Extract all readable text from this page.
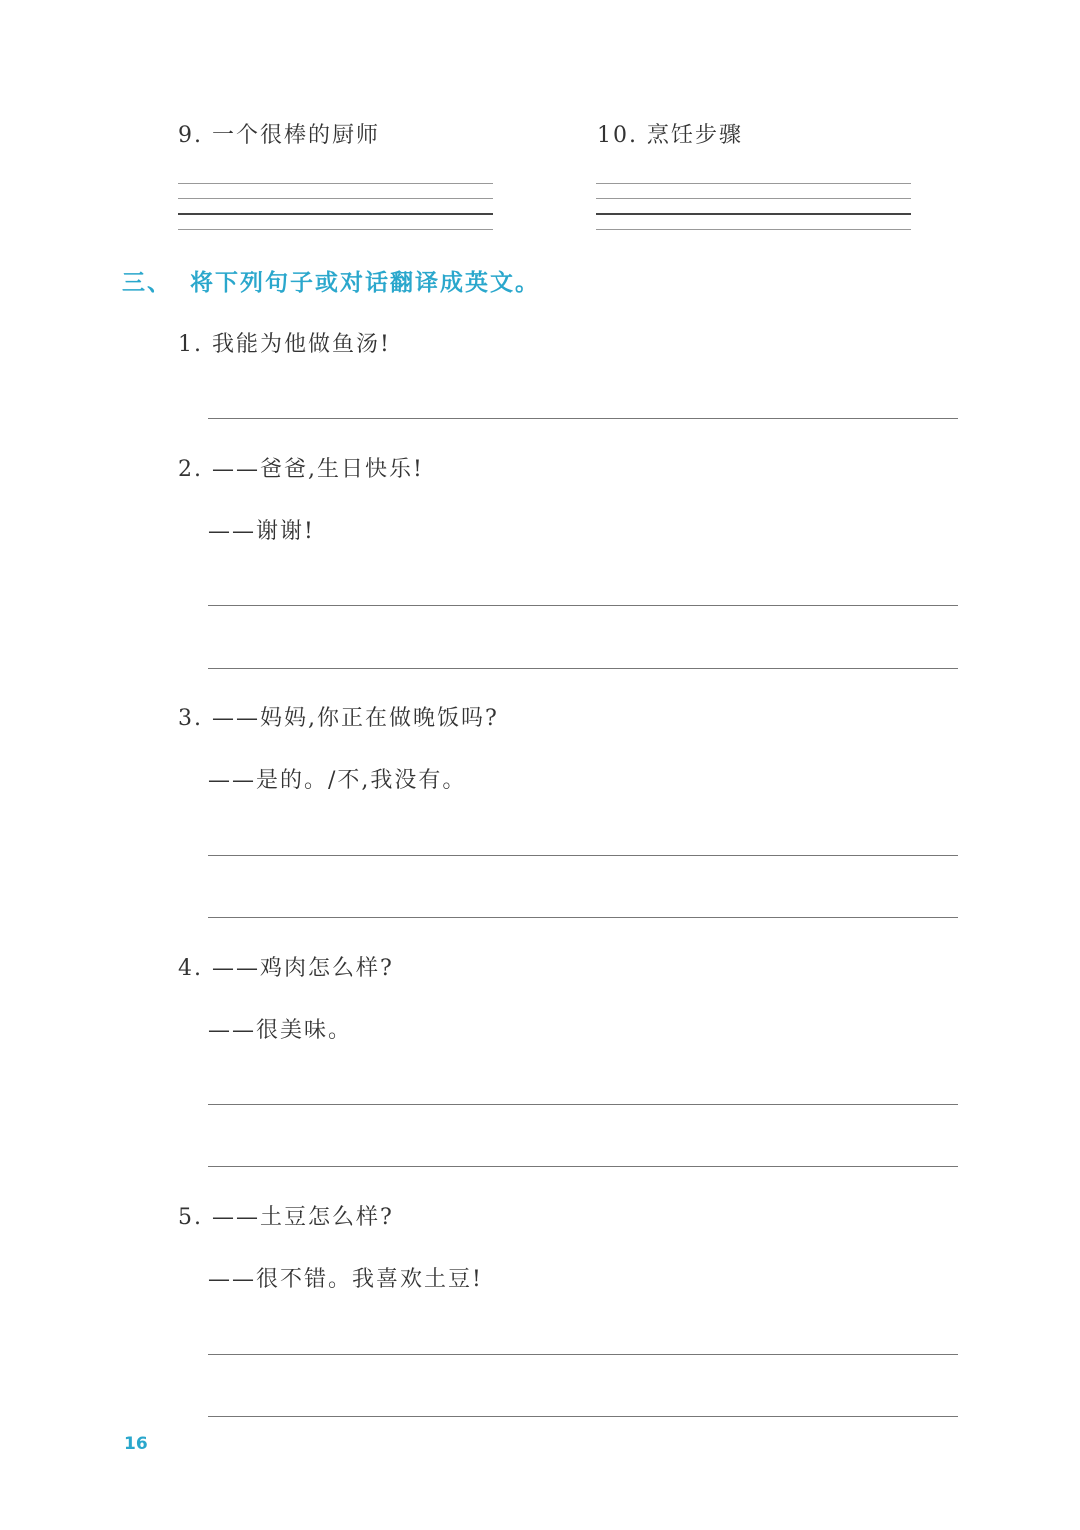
9. 一个很棒的厨师	10. 烹饪步骤
三、 将下列句子或对话翻译成英文。
1. 我能为他做鱼汤!
2. ——爸爸,生日快乐!
——谢谢!
3. ——妈妈,你正在做晚饭吗?
——是的。/不,我没有。
4. ——鸡肉怎么样?
——很美味。
5. ——土豆怎么样?
——很不错。我喜欢土豆!
16
